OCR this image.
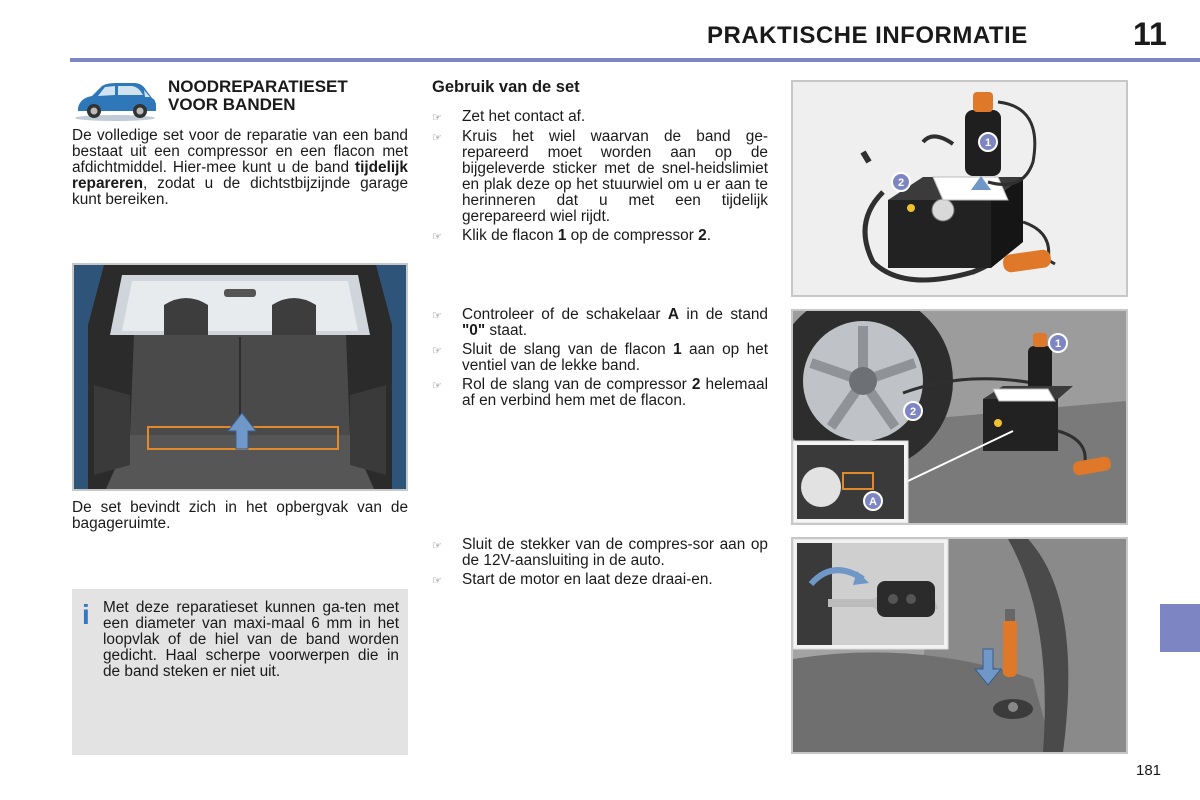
PRAKTISCHE INFORMATIE	11
NOODREPARATIESET
VOOR BANDEN
De volledige set voor de reparatie van een band bestaat uit een compressor en een flacon met afdichtmiddel. Hier-mee kunt u de band tijdelijk repareren, zodat u de dichtstbijzijnde garage kunt bereiken.
De set bevindt zich in het opbergvak van de bagageruimte.
i Met deze reparatieset kunnen ga-ten met een diameter van maxi-maal 6 mm in het loopvlak of de hiel van de band worden gedicht. Haal scherpe voorwerpen die in de band steken er niet uit.
Gebruik van de set
☞	Zet het contact af.
☞	Kruis het wiel waarvan de band ge-repareerd moet worden aan op de bijgeleverde sticker met de snel-heidslimiet en plak deze op het stuurwiel om u er aan te herinneren dat u met een tijdelijk gerepareerd wiel rijdt.
☞	Klik de flacon 1 op de compressor 2.
☞	Controleer of de schakelaar A in de stand "0" staat.
☞	Sluit de slang van de flacon 1 aan op het ventiel van de lekke band.
☞	Rol de slang van de compressor 2 helemaal af en verbind hem met de flacon.
☞	Sluit de stekker van de compres-sor aan op de 12V-aansluiting in de auto.
☞	Start de motor en laat deze draai-en.
1
2
1
2
A
181
